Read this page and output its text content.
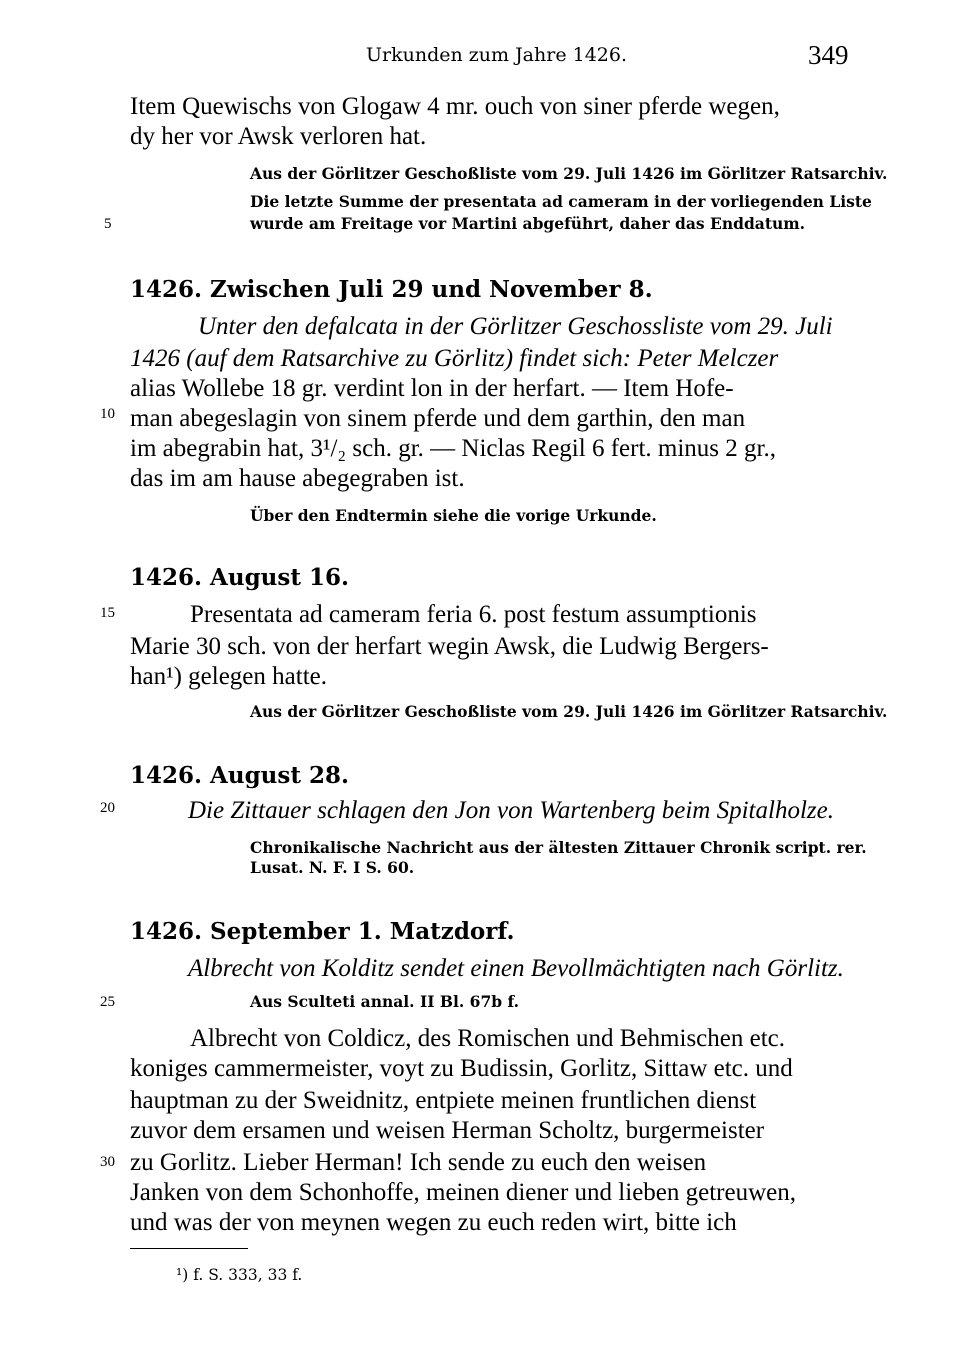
Urkunden zum Jahre 1426.	349
5
10
15
20
25
30
Item Quewischs von Glogaw 4 mr. ouch von siner pferde wegen,
dy her vor Awsk verloren hat.
Aus der Görlitzer Geschoßliste vom 29. Juli 1426 im Görlitzer Ratsarchiv.
Die letzte Summe der presentata ad cameram in der vorliegenden Liste
wurde am Freitage vor Martini abgeführt, daher das Enddatum.
1426. Zwischen Juli 29 und November 8.
Unter den defalcata in der Görlitzer Geschossliste vom 29. Juli
1426 (auf dem Ratsarchive zu Görlitz) findet sich: Peter Melczer
alias Wollebe 18 gr. verdint lon in der herfart. — Item Hofe-
man abegeslagin von sinem pferde und dem garthin, den man
im abegrabin hat, 3¹/₂ sch. gr. — Niclas Regil 6 fert. minus 2 gr.,
das im am hause abegegraben ist.
Über den Endtermin siehe die vorige Urkunde.
1426. August 16.
Presentata ad cameram feria 6. post festum assumptionis
Marie 30 sch. von der herfart wegin Awsk, die Ludwig Bergers-
han¹) gelegen hatte.
Aus der Görlitzer Geschoßliste vom 29. Juli 1426 im Görlitzer Ratsarchiv.
1426. August 28.
Die Zittauer schlagen den Jon von Wartenberg beim Spitalholze.
Chronikalische Nachricht aus der ältesten Zittauer Chronik script. rer.
Lusat. N. F. I S. 60.
1426. September 1. Matzdorf.
Albrecht von Kolditz sendet einen Bevollmächtigten nach Görlitz.
Aus Sculteti annal. II Bl. 67b f.
Albrecht von Coldicz, des Romischen und Behmischen etc.
koniges cammermeister, voyt zu Budissin, Gorlitz, Sittaw etc. und
hauptman zu der Sweidnitz, entpiete meinen fruntlichen dienst
zuvor dem ersamen und weisen Herman Scholtz, burgermeister
zu Gorlitz. Lieber Herman! Ich sende zu euch den weisen
Janken von dem Schonhoffe, meinen diener und lieben getreuwen,
und was der von meynen wegen zu euch reden wirt, bitte ich
¹) f. S. 333, 33 f.
